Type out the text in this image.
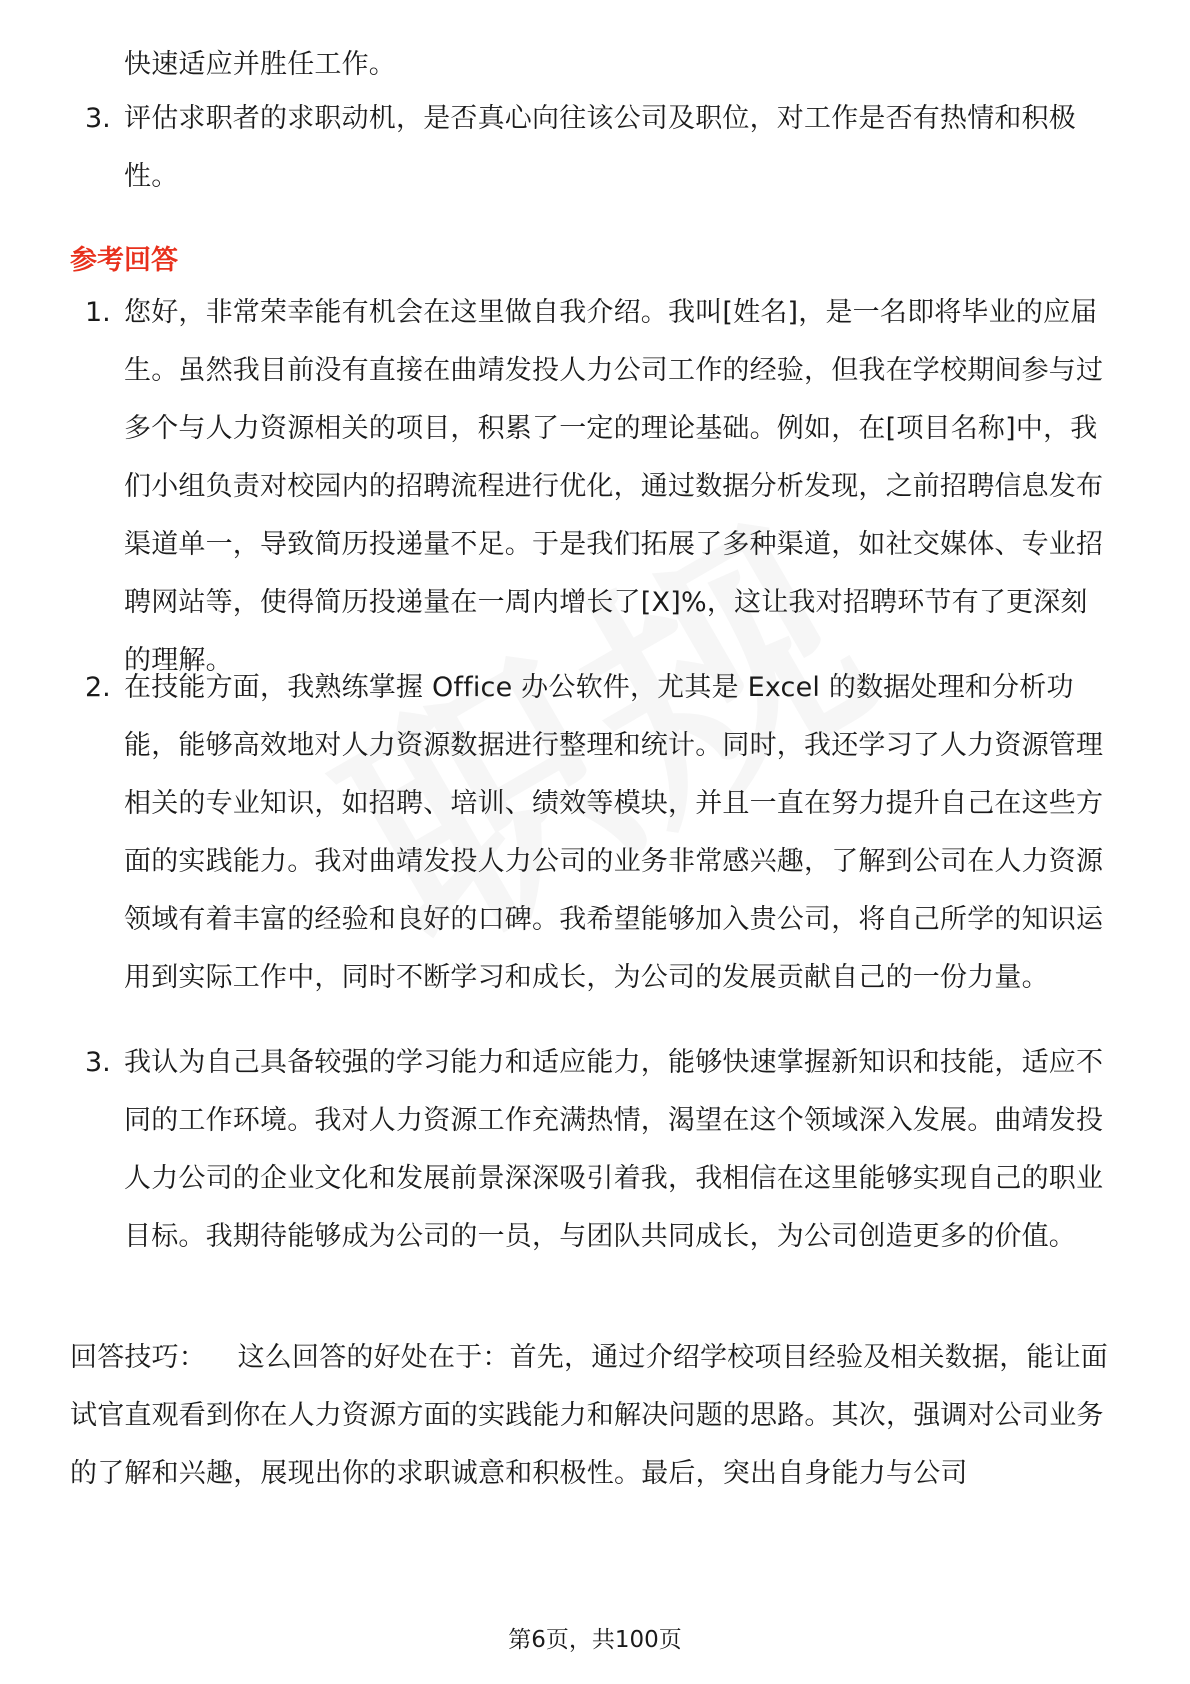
快速适应并胜任工作。
3. 评估求职者的求职动机，是否真心向往该公司及职位，对工作是否有热情和积极性。
参考回答
1. 您好，非常荣幸能有机会在这里做自我介绍。我叫[姓名]，是一名即将毕业的应届生。虽然我目前没有直接在曲靖发投人力公司工作的经验，但我在学校期间参与过多个与人力资源相关的项目，积累了一定的理论基础。例如，在[项目名称]中，我们小组负责对校园内的招聘流程进行优化，通过数据分析发现，之前招聘信息发布渠道单一，导致简历投递量不足。于是我们拓展了多种渠道，如社交媒体、专业招聘网站等，使得简历投递量在一周内增长了[X]%，这让我对招聘环节有了更深刻的理解。
2. 在技能方面，我熟练掌握 Office 办公软件，尤其是 Excel 的数据处理和分析功能，能够高效地对人力资源数据进行整理和统计。同时，我还学习了人力资源管理相关的专业知识，如招聘、培训、绩效等模块，并且一直在努力提升自己在这些方面的实践能力。我对曲靖发投人力公司的业务非常感兴趣，了解到公司在人力资源领域有着丰富的经验和良好的口碑。我希望能够加入贵公司，将自己所学的知识运用到实际工作中，同时不断学习和成长，为公司的发展贡献自己的一份力量。
3. 我认为自己具备较强的学习能力和适应能力，能够快速掌握新知识和技能，适应不同的工作环境。我对人力资源工作充满热情，渴望在这个领域深入发展。曲靖发投人力公司的企业文化和发展前景深深吸引着我，我相信在这里能够实现自己的职业目标。我期待能够成为公司的一员，与团队共同成长，为公司创造更多的价值。
回答技巧： 这么回答的好处在于：首先，通过介绍学校项目经验及相关数据，能让面试官直观看到你在人力资源方面的实践能力和解决问题的思路。其次，强调对公司业务的了解和兴趣，展现出你的求职诚意和积极性。最后，突出自身能力与公司
第6页，共100页
